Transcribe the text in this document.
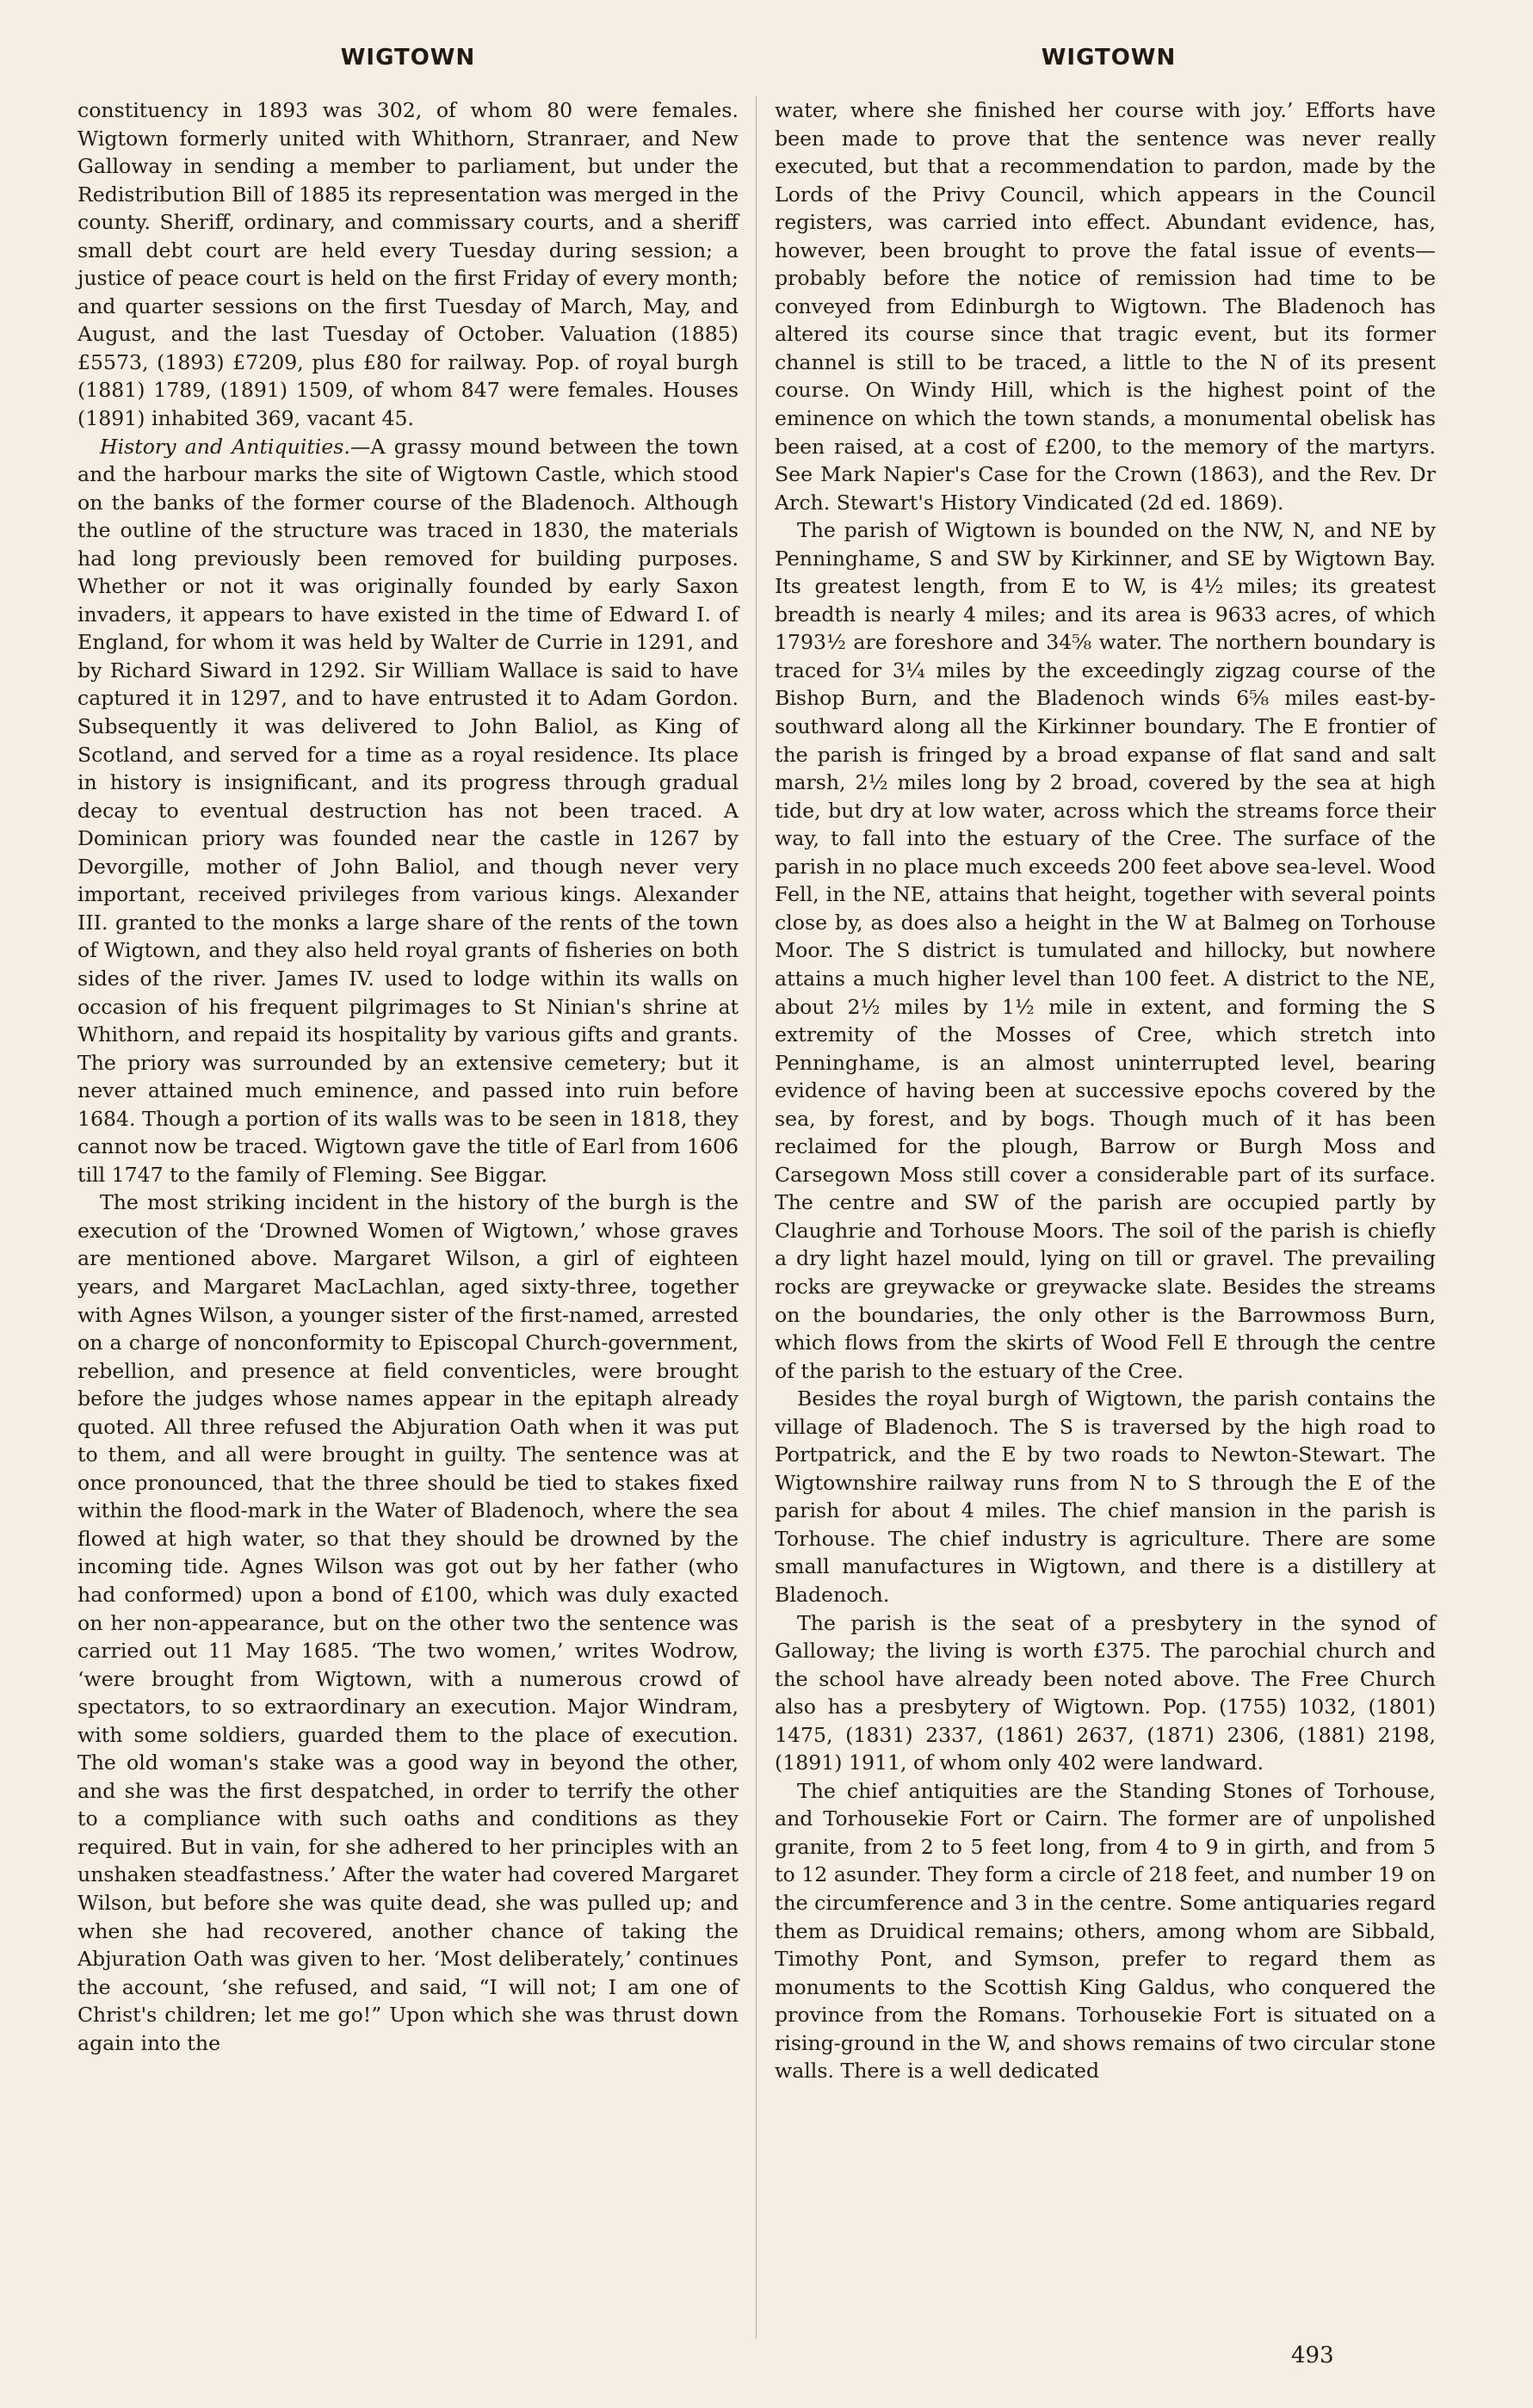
WIGTOWN	WIGTOWN

constituency in 1893 was 302, of whom 80 were females. Wigtown formerly united with Whithorn, Stranraer, and New Galloway in sending a member to parliament, but under the Redistribution Bill of 1885 its representation was merged in the county. Sheriff, ordinary, and commissary courts, and a sheriff small debt court are held every Tuesday during session; a justice of peace court is held on the first Friday of every month; and quarter sessions on the first Tuesday of March, May, and August, and the last Tuesday of October. Valuation (1885) £5573, (1893) £7209, plus £80 for railway. Pop. of royal burgh (1881) 1789, (1891) 1509, of whom 847 were females. Houses (1891) inhabited 369, vacant 45.

History and Antiquities.—A grassy mound between the town and the harbour marks the site of Wigtown Castle, which stood on the banks of the former course of the Bladenoch. Although the outline of the structure was traced in 1830, the materials had long previously been removed for building purposes. Whether or not it was originally founded by early Saxon invaders, it appears to have existed in the time of Edward I. of England, for whom it was held by Walter de Currie in 1291, and by Richard Siward in 1292. Sir William Wallace is said to have captured it in 1297, and to have entrusted it to Adam Gordon. Subsequently it was delivered to John Baliol, as King of Scotland, and served for a time as a royal residence. Its place in history is insignificant, and its progress through gradual decay to eventual destruction has not been traced. A Dominican priory was founded near the castle in 1267 by Devorgille, mother of John Baliol, and though never very important, received privileges from various kings. Alexander III. granted to the monks a large share of the rents of the town of Wigtown, and they also held royal grants of fisheries on both sides of the river. James IV. used to lodge within its walls on occasion of his frequent pilgrimages to St Ninian's shrine at Whithorn, and repaid its hospitality by various gifts and grants. The priory was surrounded by an extensive cemetery; but it never attained much eminence, and passed into ruin before 1684. Though a portion of its walls was to be seen in 1818, they cannot now be traced. Wigtown gave the title of Earl from 1606 till 1747 to the family of Fleming. See Biggar.

The most striking incident in the history of the burgh is the execution of the ‘Drowned Women of Wigtown,’ whose graves are mentioned above. Margaret Wilson, a girl of eighteen years, and Margaret MacLachlan, aged sixty-three, together with Agnes Wilson, a younger sister of the first-named, arrested on a charge of nonconformity to Episcopal Church-government, rebellion, and presence at field conventicles, were brought before the judges whose names appear in the epitaph already quoted. All three refused the Abjuration Oath when it was put to them, and all were brought in guilty. The sentence was at once pronounced, that the three should be tied to stakes fixed within the flood-mark in the Water of Bladenoch, where the sea flowed at high water, so that they should be drowned by the incoming tide. Agnes Wilson was got out by her father (who had conformed) upon a bond of £100, which was duly exacted on her non-appearance, but on the other two the sentence was carried out 11 May 1685. ‘The two women,’ writes Wodrow, ‘were brought from Wigtown, with a numerous crowd of spectators, to so extraordinary an execution. Major Windram, with some soldiers, guarded them to the place of execution. The old woman's stake was a good way in beyond the other, and she was the first despatched, in order to terrify the other to a compliance with such oaths and conditions as they required. But in vain, for she adhered to her principles with an unshaken steadfastness.’ After the water had covered Margaret Wilson, but before she was quite dead, she was pulled up; and when she had recovered, another chance of taking the Abjuration Oath was given to her. ‘Most deliberately,’ continues the account, ‘she refused, and said, “I will not; I am one of Christ's children; let me go!” Upon which she was thrust down again into the

water, where she finished her course with joy.’ Efforts have been made to prove that the sentence was never really executed, but that a recommendation to pardon, made by the Lords of the Privy Council, which appears in the Council registers, was carried into effect. Abundant evidence, has, however, been brought to prove the fatal issue of events—probably before the notice of remission had time to be conveyed from Edinburgh to Wigtown. The Bladenoch has altered its course since that tragic event, but its former channel is still to be traced, a little to the N of its present course. On Windy Hill, which is the highest point of the eminence on which the town stands, a monumental obelisk has been raised, at a cost of £200, to the memory of the martyrs. See Mark Napier's Case for the Crown (1863), and the Rev. Dr Arch. Stewart's History Vindicated (2d ed. 1869).

The parish of Wigtown is bounded on the NW, N, and NE by Penninghame, S and SW by Kirkinner, and SE by Wigtown Bay. Its greatest length, from E to W, is 4½ miles; its greatest breadth is nearly 4 miles; and its area is 9633 acres, of which 1793½ are foreshore and 34⅝ water. The northern boundary is traced for 3¼ miles by the exceedingly zigzag course of the Bishop Burn, and the Bladenoch winds 6⅝ miles east-by-southward along all the Kirkinner boundary. The E frontier of the parish is fringed by a broad expanse of flat sand and salt marsh, 2½ miles long by 2 broad, covered by the sea at high tide, but dry at low water, across which the streams force their way, to fall into the estuary of the Cree. The surface of the parish in no place much exceeds 200 feet above sea-level. Wood Fell, in the NE, attains that height, together with several points close by, as does also a height in the W at Balmeg on Torhouse Moor. The S district is tumulated and hillocky, but nowhere attains a much higher level than 100 feet. A district to the NE, about 2½ miles by 1½ mile in extent, and forming the S extremity of the Mosses of Cree, which stretch into Penninghame, is an almost uninterrupted level, bearing evidence of having been at successive epochs covered by the sea, by forest, and by bogs. Though much of it has been reclaimed for the plough, Barrow or Burgh Moss and Carsegown Moss still cover a considerable part of its surface. The centre and SW of the parish are occupied partly by Claughrie and Torhouse Moors. The soil of the parish is chiefly a dry light hazel mould, lying on till or gravel. The prevailing rocks are greywacke or greywacke slate. Besides the streams on the boundaries, the only other is the Barrowmoss Burn, which flows from the skirts of Wood Fell E through the centre of the parish to the estuary of the Cree.

Besides the royal burgh of Wigtown, the parish contains the village of Bladenoch. The S is traversed by the high road to Portpatrick, and the E by two roads to Newton-Stewart. The Wigtownshire railway runs from N to S through the E of the parish for about 4 miles. The chief mansion in the parish is Torhouse. The chief industry is agriculture. There are some small manufactures in Wigtown, and there is a distillery at Bladenoch.

The parish is the seat of a presbytery in the synod of Galloway; the living is worth £375. The parochial church and the school have already been noted above. The Free Church also has a presbytery of Wigtown. Pop. (1755) 1032, (1801) 1475, (1831) 2337, (1861) 2637, (1871) 2306, (1881) 2198, (1891) 1911, of whom only 402 were landward.

The chief antiquities are the Standing Stones of Torhouse, and Torhousekie Fort or Cairn. The former are of unpolished granite, from 2 to 5 feet long, from 4 to 9 in girth, and from 5 to 12 asunder. They form a circle of 218 feet, and number 19 on the circumference and 3 in the centre. Some antiquaries regard them as Druidical remains; others, among whom are Sibbald, Timothy Pont, and Symson, prefer to regard them as monuments to the Scottish King Galdus, who conquered the province from the Romans. Torhousekie Fort is situated on a rising-ground in the W, and shows remains of two circular stone walls. There is a well dedicated

493
